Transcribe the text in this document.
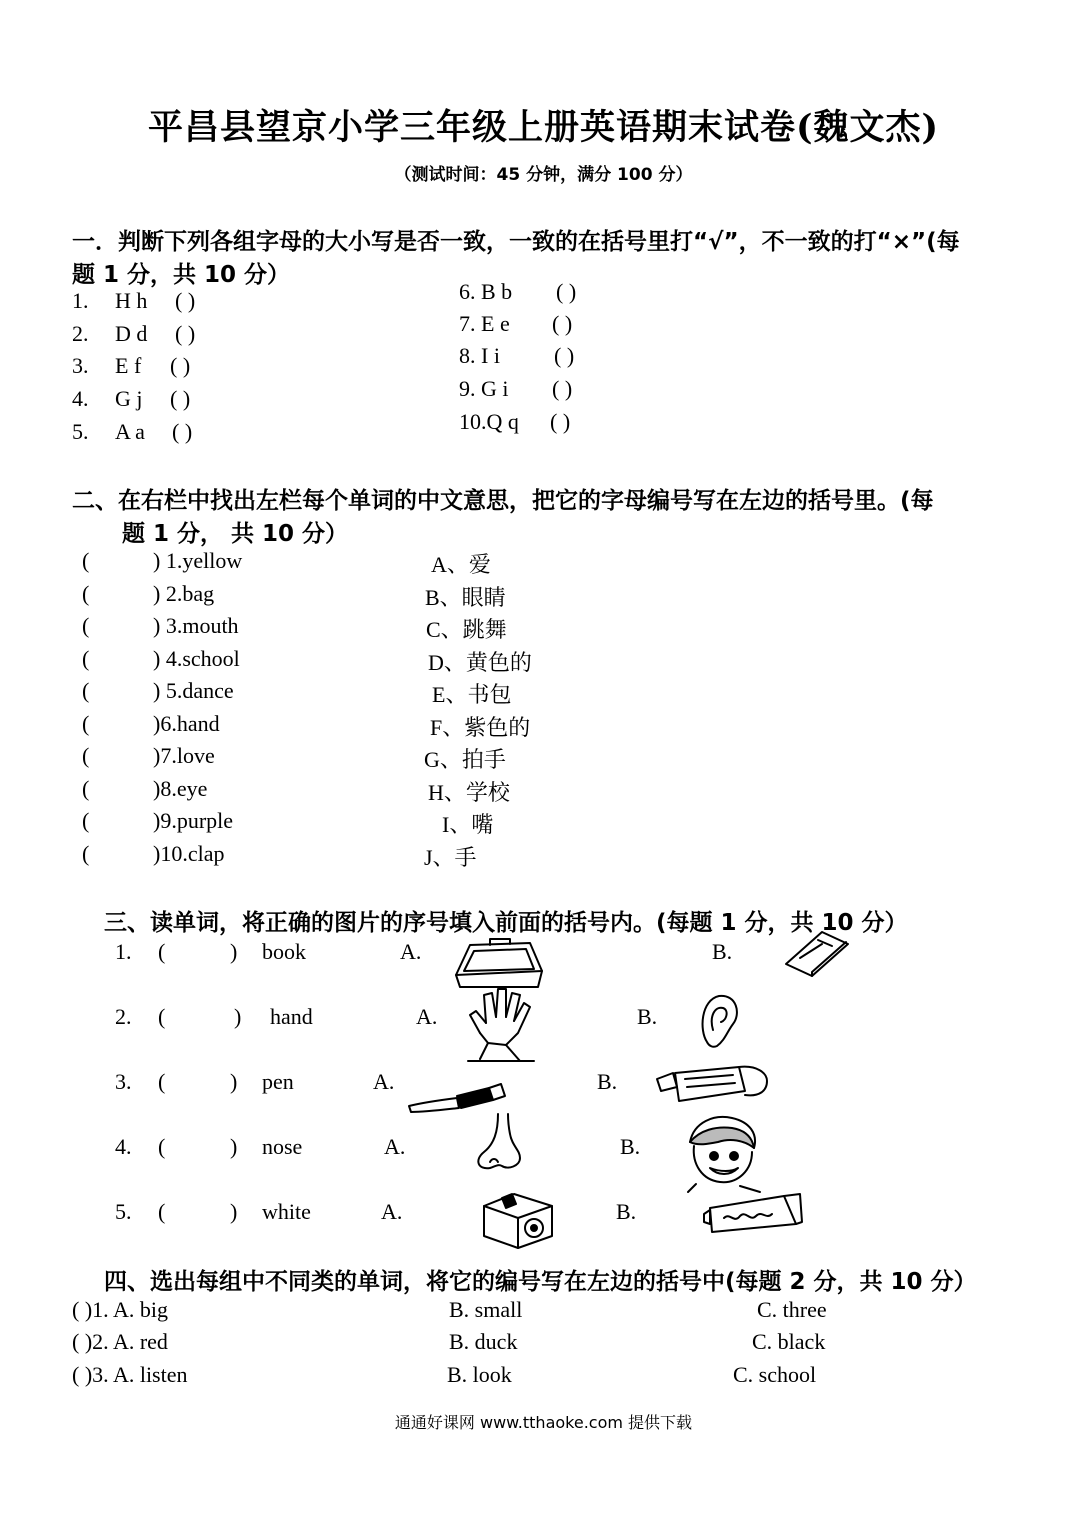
平昌县望京小学三年级上册英语期末试卷(魏文杰)
（测试时间：45 分钟，满分 100 分）
一．判断下列各组字母的大小写是否一致，一致的在括号里打“√”，不一致的打“×”(每
题 1 分，共 10 分）
1. H h ( )
2. D d ( )
3. E f ( )
4. G j ( )
5. A a ( )
6. B b ( )
7. E e ( )
8. I i ( )
9. G i ( )
10.Q q ( )
二、在右栏中找出左栏每个单词的中文意思，把它的字母编号写在左边的括号里。(每
题 1 分， 共 10 分）
(	) 1.yellow	A、爱
(	) 2.bag	B、眼睛
(	) 3.mouth	C、跳舞
(	) 4.school	D、黄色的
(	) 5.dance	E、书包
(	)6.hand	F、紫色的
(	)7.love	G、拍手
(	)8.eye	H、学校
(	)9.purple	I、嘴
(	)10.clap	J、手
三、读单词，将正确的图片的序号填入前面的括号内。(每题 1 分，共 10 分）
1. (	) book	A.	B.
2. (	) hand	A.	B.
3. (	) pen	A.	B.
4. (	) nose	A.	B.
5. (	) white	A.	B.
四、选出每组中不同类的单词，将它的编号写在左边的括号中(每题 2 分，共 10 分）
( )1. A. big	B. small	C. three
( )2. A. red	B. duck	C. black
( )3. A. listen	B. look	C. school
通通好课网 www.tthaoke.com 提供下载
